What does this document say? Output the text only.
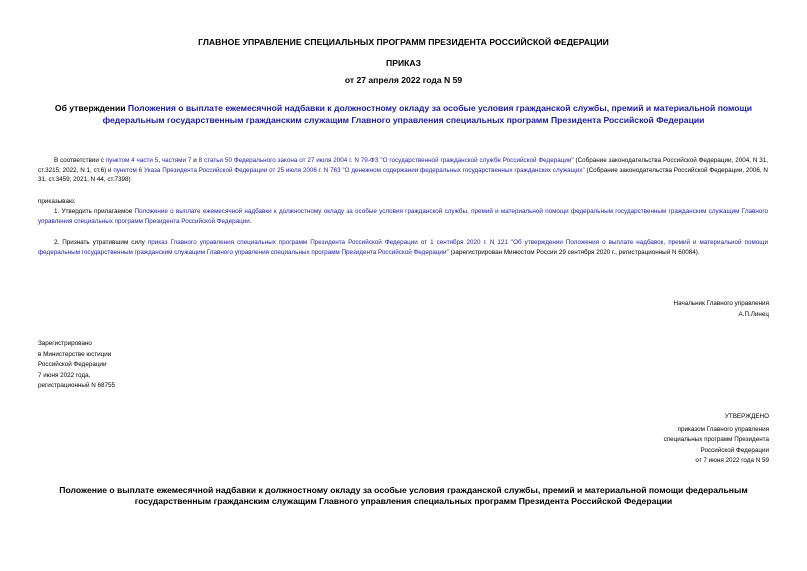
ГЛАВНОЕ УПРАВЛЕНИЕ СПЕЦИАЛЬНЫХ ПРОГРАММ ПРЕЗИДЕНТА РОССИЙСКОЙ ФЕДЕРАЦИИ
ПРИКАЗ
от 27 апреля 2022 года N 59
Об утверждении Положения о выплате ежемесячной надбавки к должностному окладу за особые условия гражданской службы, премий и материальной помощи федеральным государственным гражданским служащим Главного управления специальных программ Президента Российской Федерации
В соответствии с пунктом 4 части 5, частями 7 и 8 статьи 50 Федерального закона от 27 июля 2004 г. N 79-ФЗ "О государственной гражданской службе Российской Федерации" (Собрание законодательства Российской Федерации, 2004, N 31, ст.3215; 2022, N 1, ст.6) и пунктом 6 Указа Президента Российской Федерации от 25 июля 2006 г. N 763 "О денежном содержании федеральных государственных гражданских служащих" (Собрание законодательства Российской Федерации, 2006, N 31, ст.3459; 2021, N 44, ст.7398)
приказываю:
1. Утвердить прилагаемое Положение о выплате ежемесячной надбавки к должностному окладу за особые условия гражданской службы, премий и материальной помощи федеральным государственным гражданским служащим Главного управления специальных программ Президента Российской Федерации.
2. Признать утратившим силу приказ Главного управления специальных программ Президента Российской Федерации от 1 сентября 2020 г. N 121 "Об утверждении Положения о выплате надбавок, премий и материальной помощи федеральным государственным гражданским служащим Главного управления специальных программ Президента Российской Федерации" (зарегистрирован Минюстом России 29 сентября 2020 г., регистрационный N 60084).
Начальник Главного управления
А.П.Линец
Зарегистрировано
в Министерстве юстиции
Российской Федерации
7 июня 2022 года,
регистрационный N 68755
УТВЕРЖДЕНО
приказом Главного управления
специальных программ Президента
Российской Федерации
от 7 июня 2022 года N 59
Положение о выплате ежемесячной надбавки к должностному окладу за особые условия гражданской службы, премий и материальной помощи федеральным государственным гражданским служащим Главного управления специальных программ Президента Российской Федерации
